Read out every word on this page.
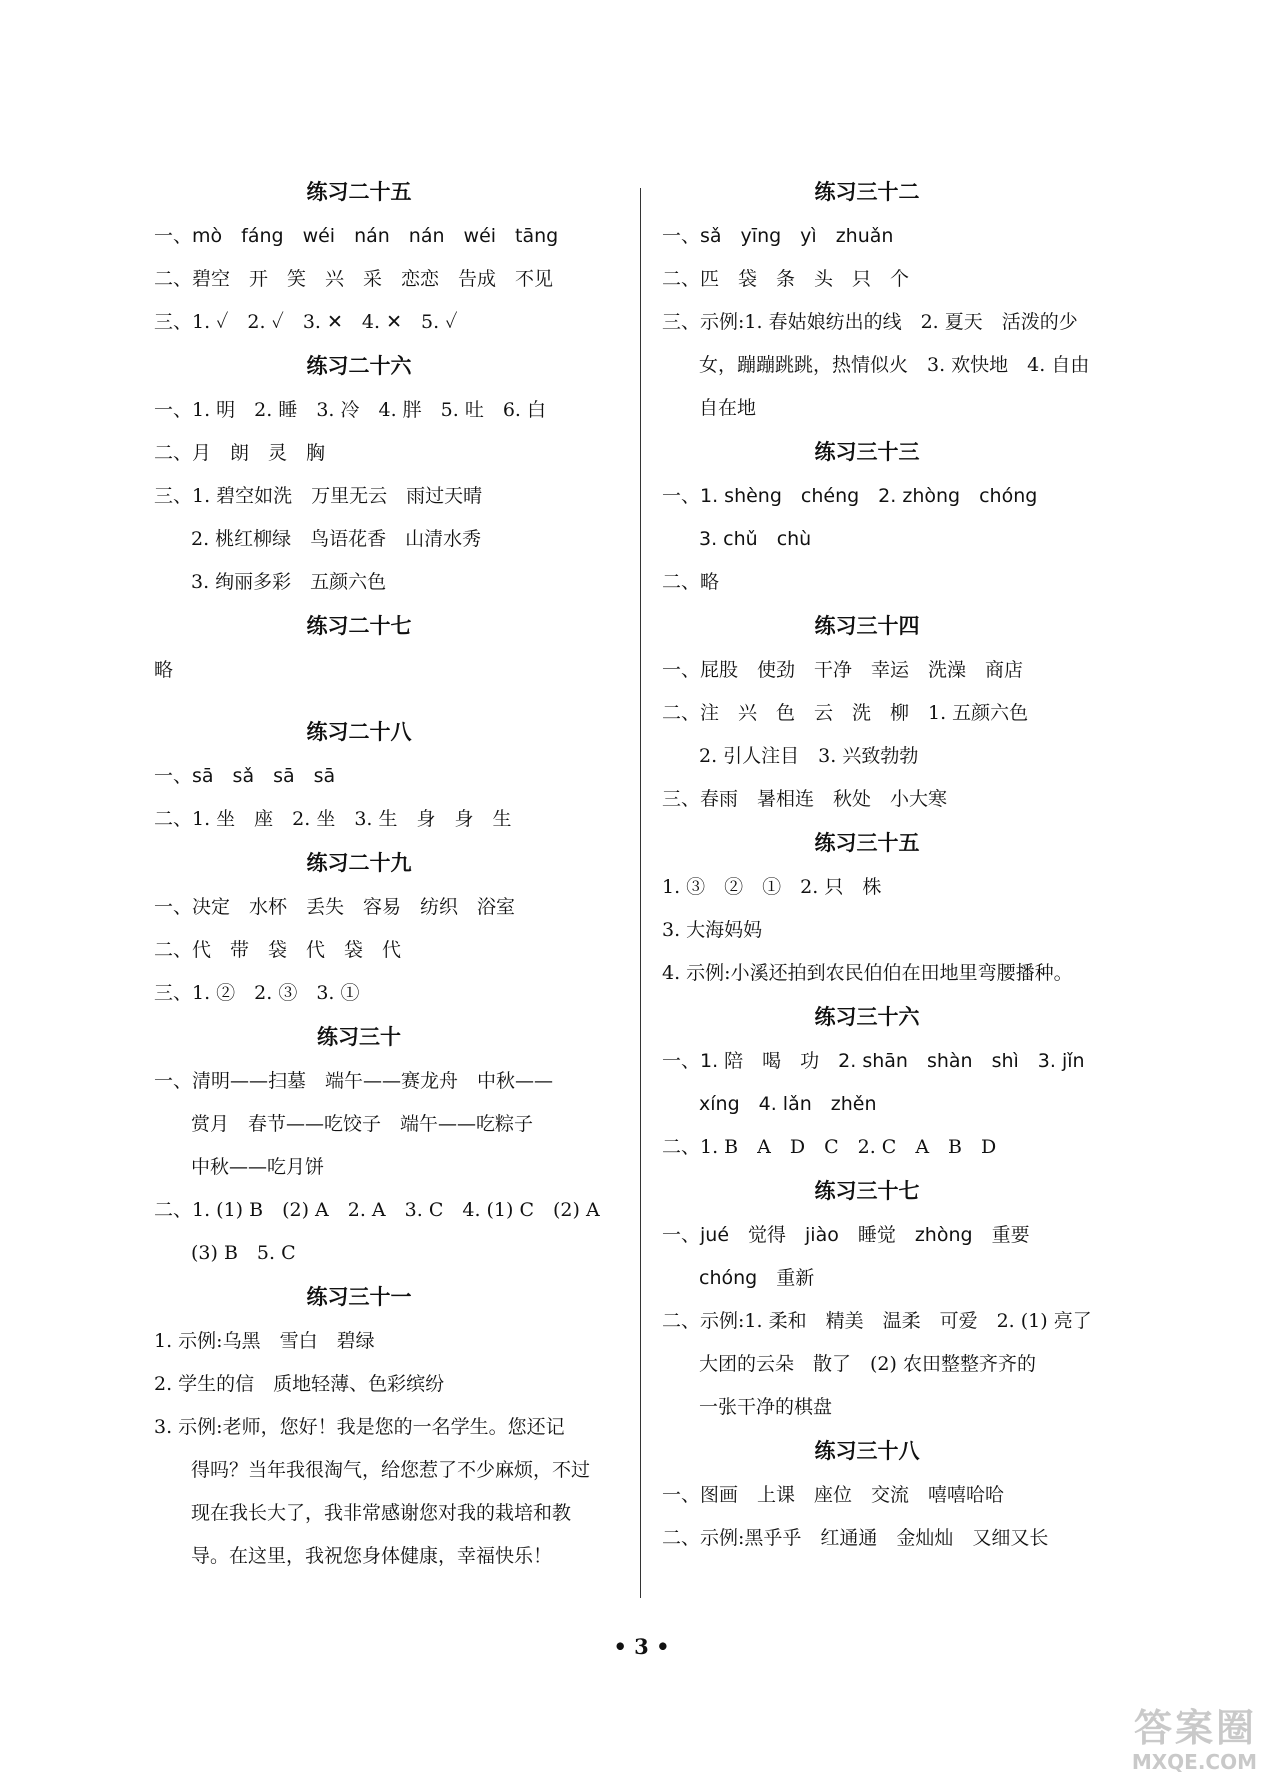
练习二十五
一、mò　fáng　wéi　nán　nán　wéi　tāng
二、碧空　开　笑　兴　采　恋恋　告成　不见
三、1. ✓　2. ✓　3. ✕　4. ✕　5. ✓
练习二十六
一、1. 明　2. 睡　3. 冷　4. 胖　5. 吐　6. 白
二、月　朗　灵　胸
三、1. 碧空如洗　万里无云　雨过天晴
2. 桃红柳绿　鸟语花香　山清水秀
3. 绚丽多彩　五颜六色
练习二十七
略
练习二十八
一、sā　sǎ　sā　sā
二、1. 坐　座　2. 坐　3. 生　身　身　生
练习二十九
一、决定　水杯　丢失　容易　纺织　浴室
二、代　带　袋　代　袋　代
三、1. ②　2. ③　3. ①
练习三十
一、清明——扫墓　端午——赛龙舟　中秋——
赏月　春节——吃饺子　端午——吃粽子
中秋——吃月饼
二、1. (1) B　(2) A　2. A　3. C　4. (1) C　(2) A
(3) B　5. C
练习三十一
1. 示例:乌黑　雪白　碧绿
2. 学生的信　质地轻薄、色彩缤纷
3. 示例:老师，您好！我是您的一名学生。您还记
得吗？当年我很淘气，给您惹了不少麻烦，不过
现在我长大了，我非常感谢您对我的栽培和教
导。在这里，我祝您身体健康，幸福快乐！
练习三十二
一、sǎ　yīng　yì　zhuǎn
二、匹　袋　条　头　只　个
三、示例:1. 春姑娘纺出的线　2. 夏天　活泼的少
女，蹦蹦跳跳，热情似火　3. 欢快地　4. 自由
自在地
练习三十三
一、1. shèng　chéng　2. zhòng　chóng
3. chǔ　chù
二、略
练习三十四
一、屁股　使劲　干净　幸运　洗澡　商店
二、注　兴　色　云　洗　柳　1. 五颜六色
2. 引人注目　3. 兴致勃勃
三、春雨　暑相连　秋处　小大寒
练习三十五
1. ③　②　①　2. 只　株
3. 大海妈妈
4. 示例:小溪还拍到农民伯伯在田地里弯腰播种。
练习三十六
一、1. 陪　喝　功　2. shān　shàn　shì　3. jǐn
xíng　4. lǎn　zhěn
二、1. B　A　D　C　2. C　A　B　D
练习三十七
一、jué　觉得　jiào　睡觉　zhòng　重要
chóng　重新
二、示例:1. 柔和　精美　温柔　可爱　2. (1) 亮了
大团的云朵　散了　(2) 农田整整齐齐的
一张干净的棋盘
练习三十八
一、图画　上课　座位　交流　嘻嘻哈哈
二、示例:黑乎乎　红通通　金灿灿　又细又长
• 3 •
答案圈
MXQE.COM
